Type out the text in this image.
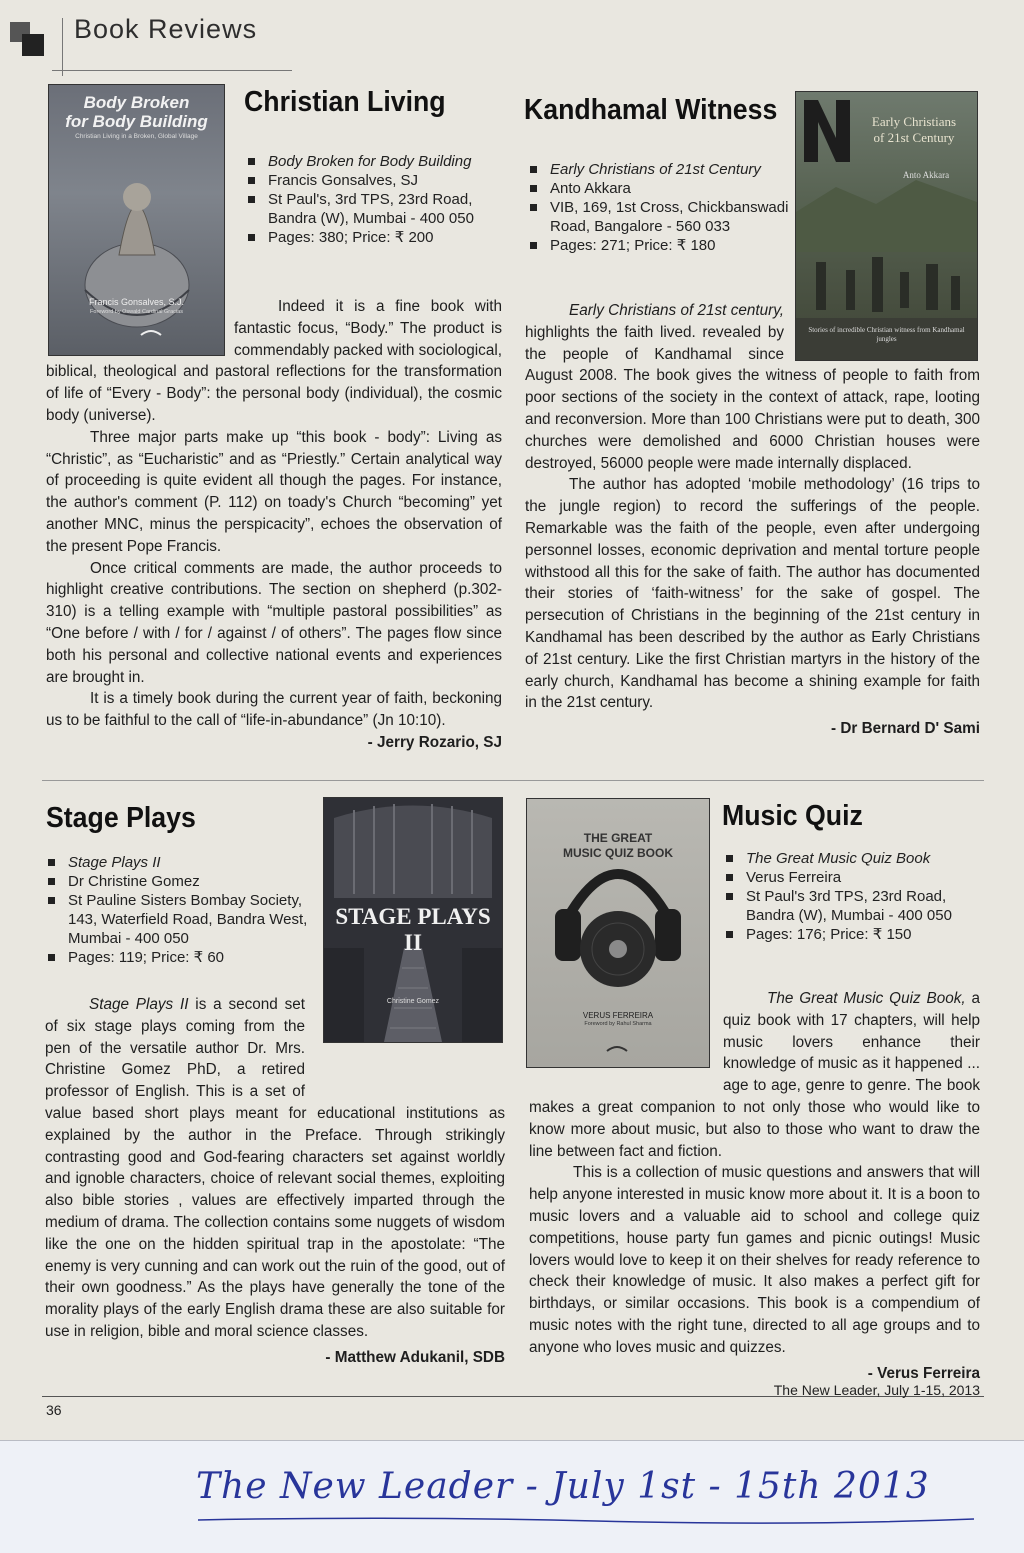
Book Reviews
Body Broken
for Body Building
Christian Living in a Broken, Global Village
Francis Gonsalves, S.J.
Foreword by Oswald Cardinal Gracias
Christian Living
Body Broken for Body Building
Francis Gonsalves, SJ
St Paul's, 3rd TPS, 23rd Road, Bandra (W), Mumbai - 400 050
Pages: 380; Price: ₹ 200

Indeed it is a fine book with fantastic focus, “Body.” The product is commendably packed with sociological, biblical, theological and pastoral reflections for the transformation of life of “Every - Body”: the personal body (individual), the cosmic body (universe).

Three major parts make up “this book - body”: Living as “Christic”, as “Eucharistic” and as “Priestly.” Certain analytical way of proceeding is quite evident all though the pages. For instance, the author's comment (P. 112) on toady's Church “becoming” yet another MNC, minus the perspicacity”, echoes the observation of the present Pope Francis.

Once critical comments are made, the author proceeds to highlight creative contributions. The section on shepherd (p.302-310) is a telling example with “multiple pastoral possibilities” as “One before / with / for / against / of others”. The pages flow since both his personal and collective national events and experiences are brought in.

It is a timely book during the current year of faith, beckoning us to be faithful to the call of “life-in-abundance” (Jn 10:10).
- Jerry Rozario, SJ

Kandhamal Witness
Early Christians of 21st Century
Anto Akkara
VIB, 169, 1st Cross, Chickbanswadi Road, Bangalore - 560 033
Pages: 271; Price: ₹ 180
Early Christians
of 21st Century
Anto Akkara
Stories of incredible Christian witness from Kandhamal jungles

Early Christians of 21st century, highlights the faith lived. revealed by the people of Kandhamal since August 2008. The book gives the witness of people to faith from poor sections of the society in the context of attack, rape, looting and reconversion. More than 100 Christians were put to death, 300 churches were demolished and 6000 Christian houses were destroyed, 56000 people were made internally displaced.

The author has adopted ‘mobile methodology’ (16 trips to the jungle region) to record the sufferings of the people. Remarkable was the faith of the people, even after undergoing personnel losses, economic deprivation and mental torture people withstood all this for the sake of faith. The author has documented their stories of ‘faith-witness’ for the sake of gospel. The persecution of Christians in the beginning of the 21st century in Kandhamal has been described by the author as Early Christians of 21st century. Like the first Christian martyrs in the history of the early church, Kandhamal has become a shining example for faith in the 21st century.

- Dr Bernard D' Sami
Stage Plays
Stage Plays II
Dr Christine Gomez
St Pauline Sisters Bombay Society, 143, Waterfield Road, Bandra West, Mumbai - 400 050
Pages: 119; Price: ₹ 60
STAGE PLAYS II
Christine Gomez

Stage Plays II is a second set of six stage plays coming from the pen of the versatile author Dr. Mrs. Christine Gomez PhD, a retired professor of English. This is a set of value based short plays meant for educational institutions as explained by the author in the Preface. Through strikingly contrasting good and God-fearing characters set against worldly and ignoble characters, choice of relevant social themes, exploiting also bible stories , values are effectively imparted through the medium of drama. The collection contains some nuggets of wisdom like the one on the hidden spiritual trap in the apostolate: “The enemy is very cunning and can work out the ruin of the good, out of their own goodness.” As the plays have generally the tone of the morality plays of the early English drama these are also suitable for use in religion, bible and moral science classes.

- Matthew Adukanil, SDB
THE GREAT
MUSIC QUIZ BOOK
VERUS FERREIRA
Foreword by Rahul Sharma
Music Quiz
The Great Music Quiz Book
Verus Ferreira
St Paul's 3rd TPS, 23rd Road, Bandra (W), Mumbai - 400 050
Pages: 176; Price: ₹ 150

The Great Music Quiz Book, a quiz book with 17 chapters, will help music lovers enhance their knowledge of music as it happened ... age to age, genre to genre. The book makes a great companion to not only those who would like to know more about music, but also to those who want to draw the line between fact and fiction.

This is a collection of music questions and answers that will help anyone interested in music know more about it. It is a boon to music lovers and a valuable aid to school and college quiz competitions, house party fun games and picnic outings! Music lovers would love to keep it on their shelves for ready reference to check their knowledge of music. It also makes a perfect gift for birthdays, or similar occasions. This book is a compendium of music notes with the right tune, directed to all age groups and to anyone who loves music and quizzes.

- Verus Ferreira
36
The New Leader, July 1-15, 2013
The New Leader - July 1st - 15th 2013
